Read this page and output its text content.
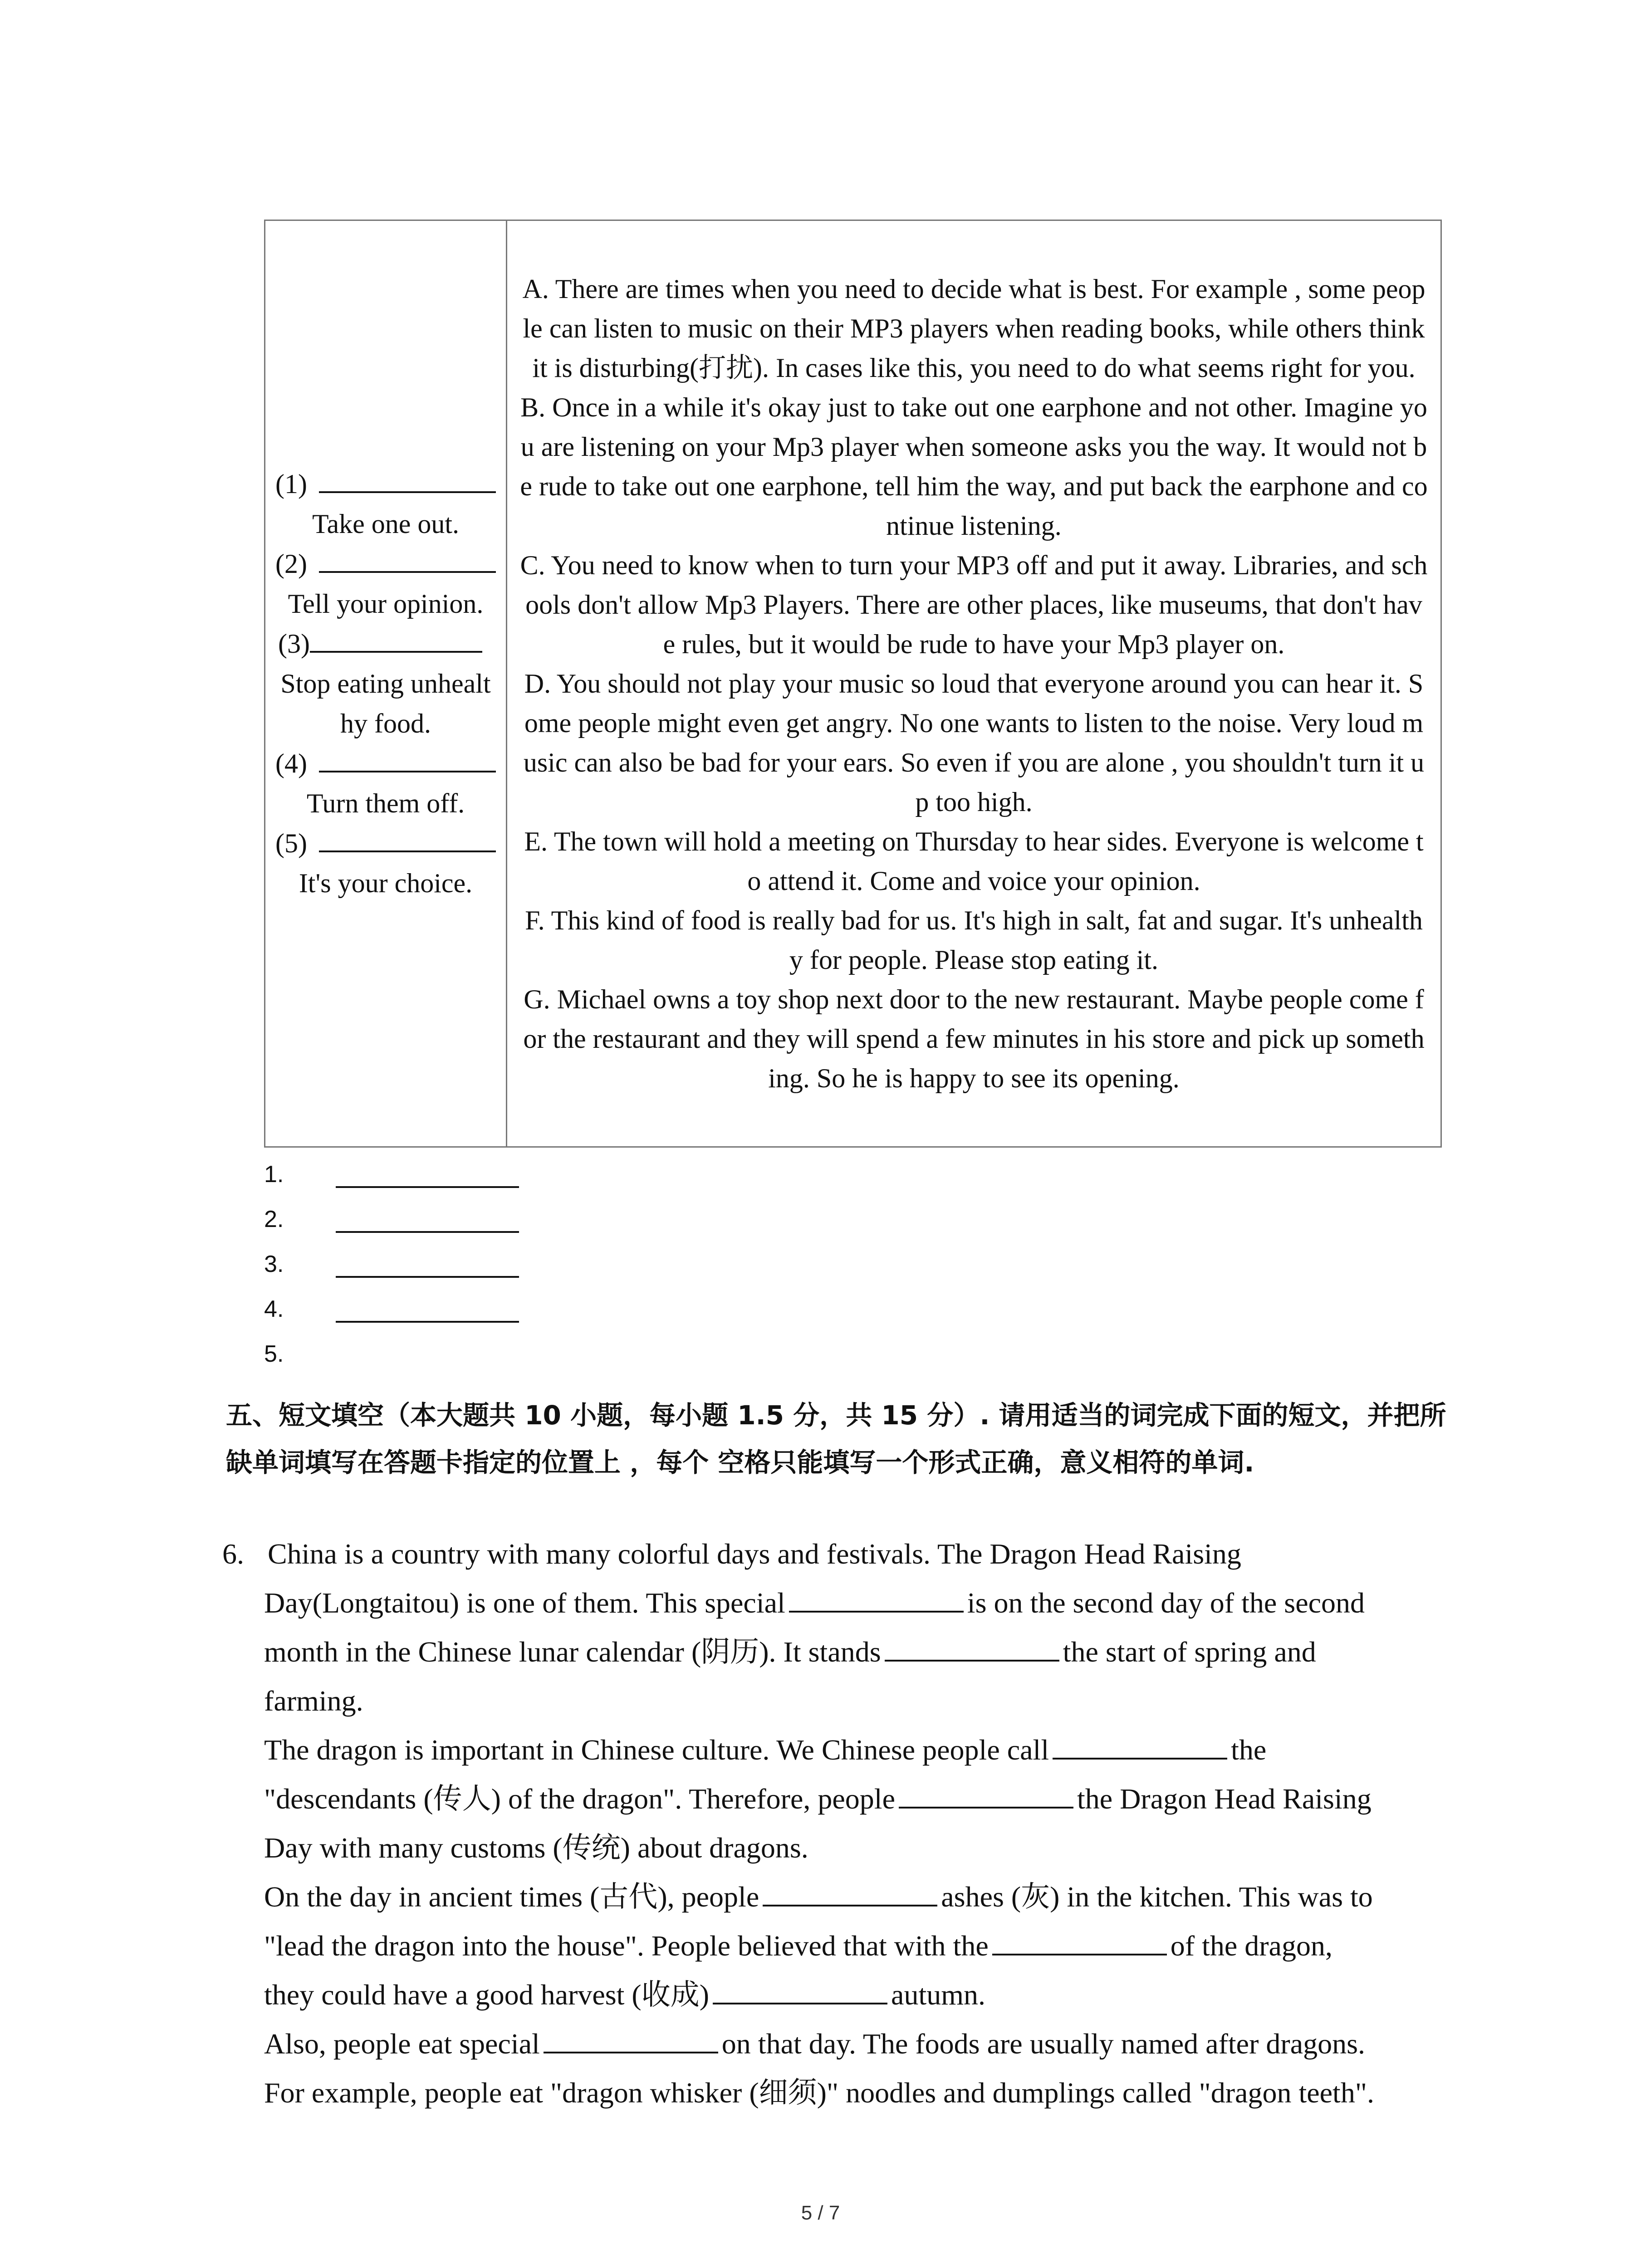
(1)
Take one out.
(2)
Tell your opinion.
(3)
Stop eating unhealthy food.
(4)
Turn them off.
(5)
It's your choice.

A. There are times when you need to decide what is best. For example , some people can listen to music on their MP3 players when reading books, while others think it is disturbing(打扰). In cases like this, you need to do what seems right for you.
B. Once in a while it's okay just to take out one earphone and not other. Imagine you are listening on your Mp3 player when someone asks you the way. It would not be rude to take out one earphone, tell him the way, and put back the earphone and continue listening.
C. You need to know when to turn your MP3 off and put it away. Libraries, and schools don't allow Mp3 Players. There are other places, like museums, that don't have rules, but it would be rude to have your Mp3 player on.
D. You should not play your music so loud that everyone around you can hear it. Some people might even get angry. No one wants to listen to the noise. Very loud music can also be bad for your ears. So even if you are alone , you shouldn't turn it up too high.
E. The town will hold a meeting on Thursday to hear sides. Everyone is welcome to attend it. Come and voice your opinion.
F. This kind of food is really bad for us. It's high in salt, fat and sugar. It's unhealthy for people. Please stop eating it.
G. Michael owns a toy shop next door to the new restaurant. Maybe people come for the restaurant and they will spend a few minutes in his store and pick up something. So he is happy to see its opening.
1.
2.
3.
4.
5.
五、短文填空（本大题共 10 小题，每小题 1.5 分，共 15 分）. 请用适当的词完成下面的短文，并把所缺单词填写在答题卡指定的位置上 ，每个 空格只能填写一个形式正确，意义相符的单词.
6. China is a country with many colorful days and festivals. The Dragon Head Raising
Day(Longtaitou) is one of them. This special	is on the second day of the second
month in the Chinese lunar calendar (阴历). It stands	the start of spring and
farming.
The dragon is important in Chinese culture. We Chinese people call	the
"descendants (传人) of the dragon". Therefore, people	the Dragon Head Raising
Day with many customs (传统) about dragons.
On the day in ancient times (古代), people	ashes (灰) in the kitchen. This was to
"lead the dragon into the house". People believed that with the	of the dragon,
they could have a good harvest (收成)	autumn.
Also, people eat special	on that day. The foods are usually named after dragons.
For example, people eat "dragon whisker (细须)" noodles and dumplings called "dragon teeth".
5 / 7
